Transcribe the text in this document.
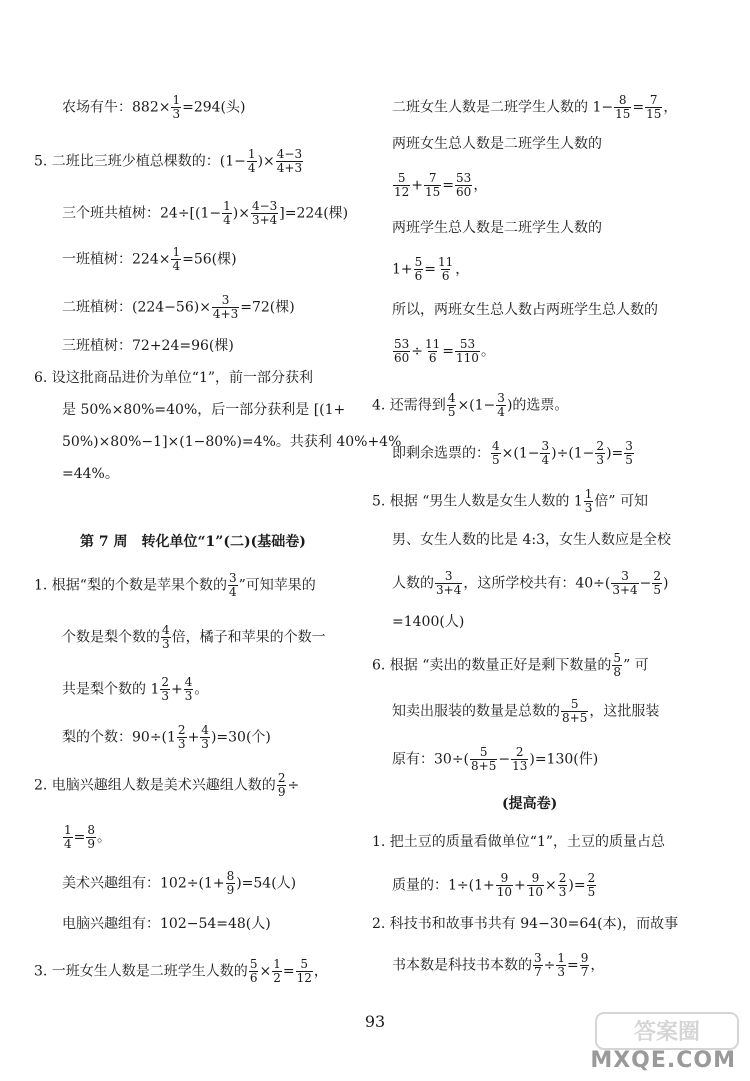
农场有牛：$882\times \frac{1}{3} =294$(头)
5. 二班比三班少植总棵数的：($1- \frac{1}{4}$ )× $\frac{4-3}{4+3}$
三个班共植树：$24\div[(1- \frac{1}{4}$ )× $\frac{4-3}{3+4} ]=224$(棵)
一班植树：$224\times \frac{1}{4} =56$(棵)
二班植树：$(224-56)\times \frac{3}{4+3} =72$(棵)
三班植树：72+24=96(棵)
6. 设这批商品进价为单位“1”，前一部分获利
是 50%×80%=40%，后一部分获利是 [(1+
50%)×80%−1]×(1−80%)=4%。共获利 40%+4%
=44%。
第 7 周　转化单位“1”(二)(基础卷)
1. 根据“梨的个数是苹果个数的 $\frac{3}{4}$ ”可知苹果的
个数是梨个数的 $\frac{4}{3}$ 倍，橘子和苹果的个数一
共是梨个数的 $1 \frac{2}{3} + \frac{4}{3}$ 。
梨的个数：$90\div(1 \frac{2}{3} + \frac{4}{3} )=30$(个)
2. 电脑兴趣组人数是美术兴趣组人数的 $\frac{2}{9}$ ÷
$\frac{1}{4} = \frac{8}{9}$ 。
美术兴趣组有：$102\div(1+ \frac{8}{9} )=54$(人)
电脑兴趣组有：102−54=48(人)
3. 一班女生人数是二班学生人数的 $\frac{5}{6} \times \frac{1}{2} = \frac{5}{12}$ ，
二班女生人数是二班学生人数的 $1- \frac{8}{15} = \frac{7}{15}$ ，
两班女生总人数是二班学生人数的
$\frac{5}{12} + \frac{7}{15} = \frac{53}{60}$ ，
两班学生总人数是二班学生人数的
$1+ \frac{5}{6} = \frac{11}{6}$ ，
所以，两班女生总人数占两班学生总人数的
$\frac{53}{60} \div \frac{11}{6} = \frac{53}{110}$ 。
4. 还需得到 $\frac{4}{5} \times(1- \frac{3}{4}$ )的选票。
即剩余选票的： $\frac{4}{5} \times(1- \frac{3}{4} )\div(1- \frac{2}{3}$ )= $\frac{3}{5}$
5. 根据 “男生人数是女生人数的 $1 \frac{1}{3}$ 倍” 可知
男、女生人数的比是 4:3，女生人数应是全校
人数的 $\frac{3}{3+4}$ ，这所学校共有：$40\div( \frac{3}{3+4} - \frac{2}{5}$ )
=1400(人)
6. 根据 “卖出的数量正好是剩下数量的 $\frac{5}{8}$ ” 可
知卖出服装的数量是总数的 $\frac{5}{8+5}$ ，这批服装
原有：$30\div( \frac{5}{8+5} - \frac{2}{13} )=130$(件)
(提高卷)
1. 把土豆的质量看做单位“1”，土豆的质量占总
质量的：$1\div(1+ \frac{9}{10} + \frac{9}{10} \times \frac{2}{3}$ )= $\frac{2}{5}$
2. 科技书和故事书共有 94−30=64(本)，而故事
书本数是科技书本数的 $\frac{3}{7} \div \frac{1}{3} = \frac{9}{7}$ ，
93	答案圈
MXQE.COM
